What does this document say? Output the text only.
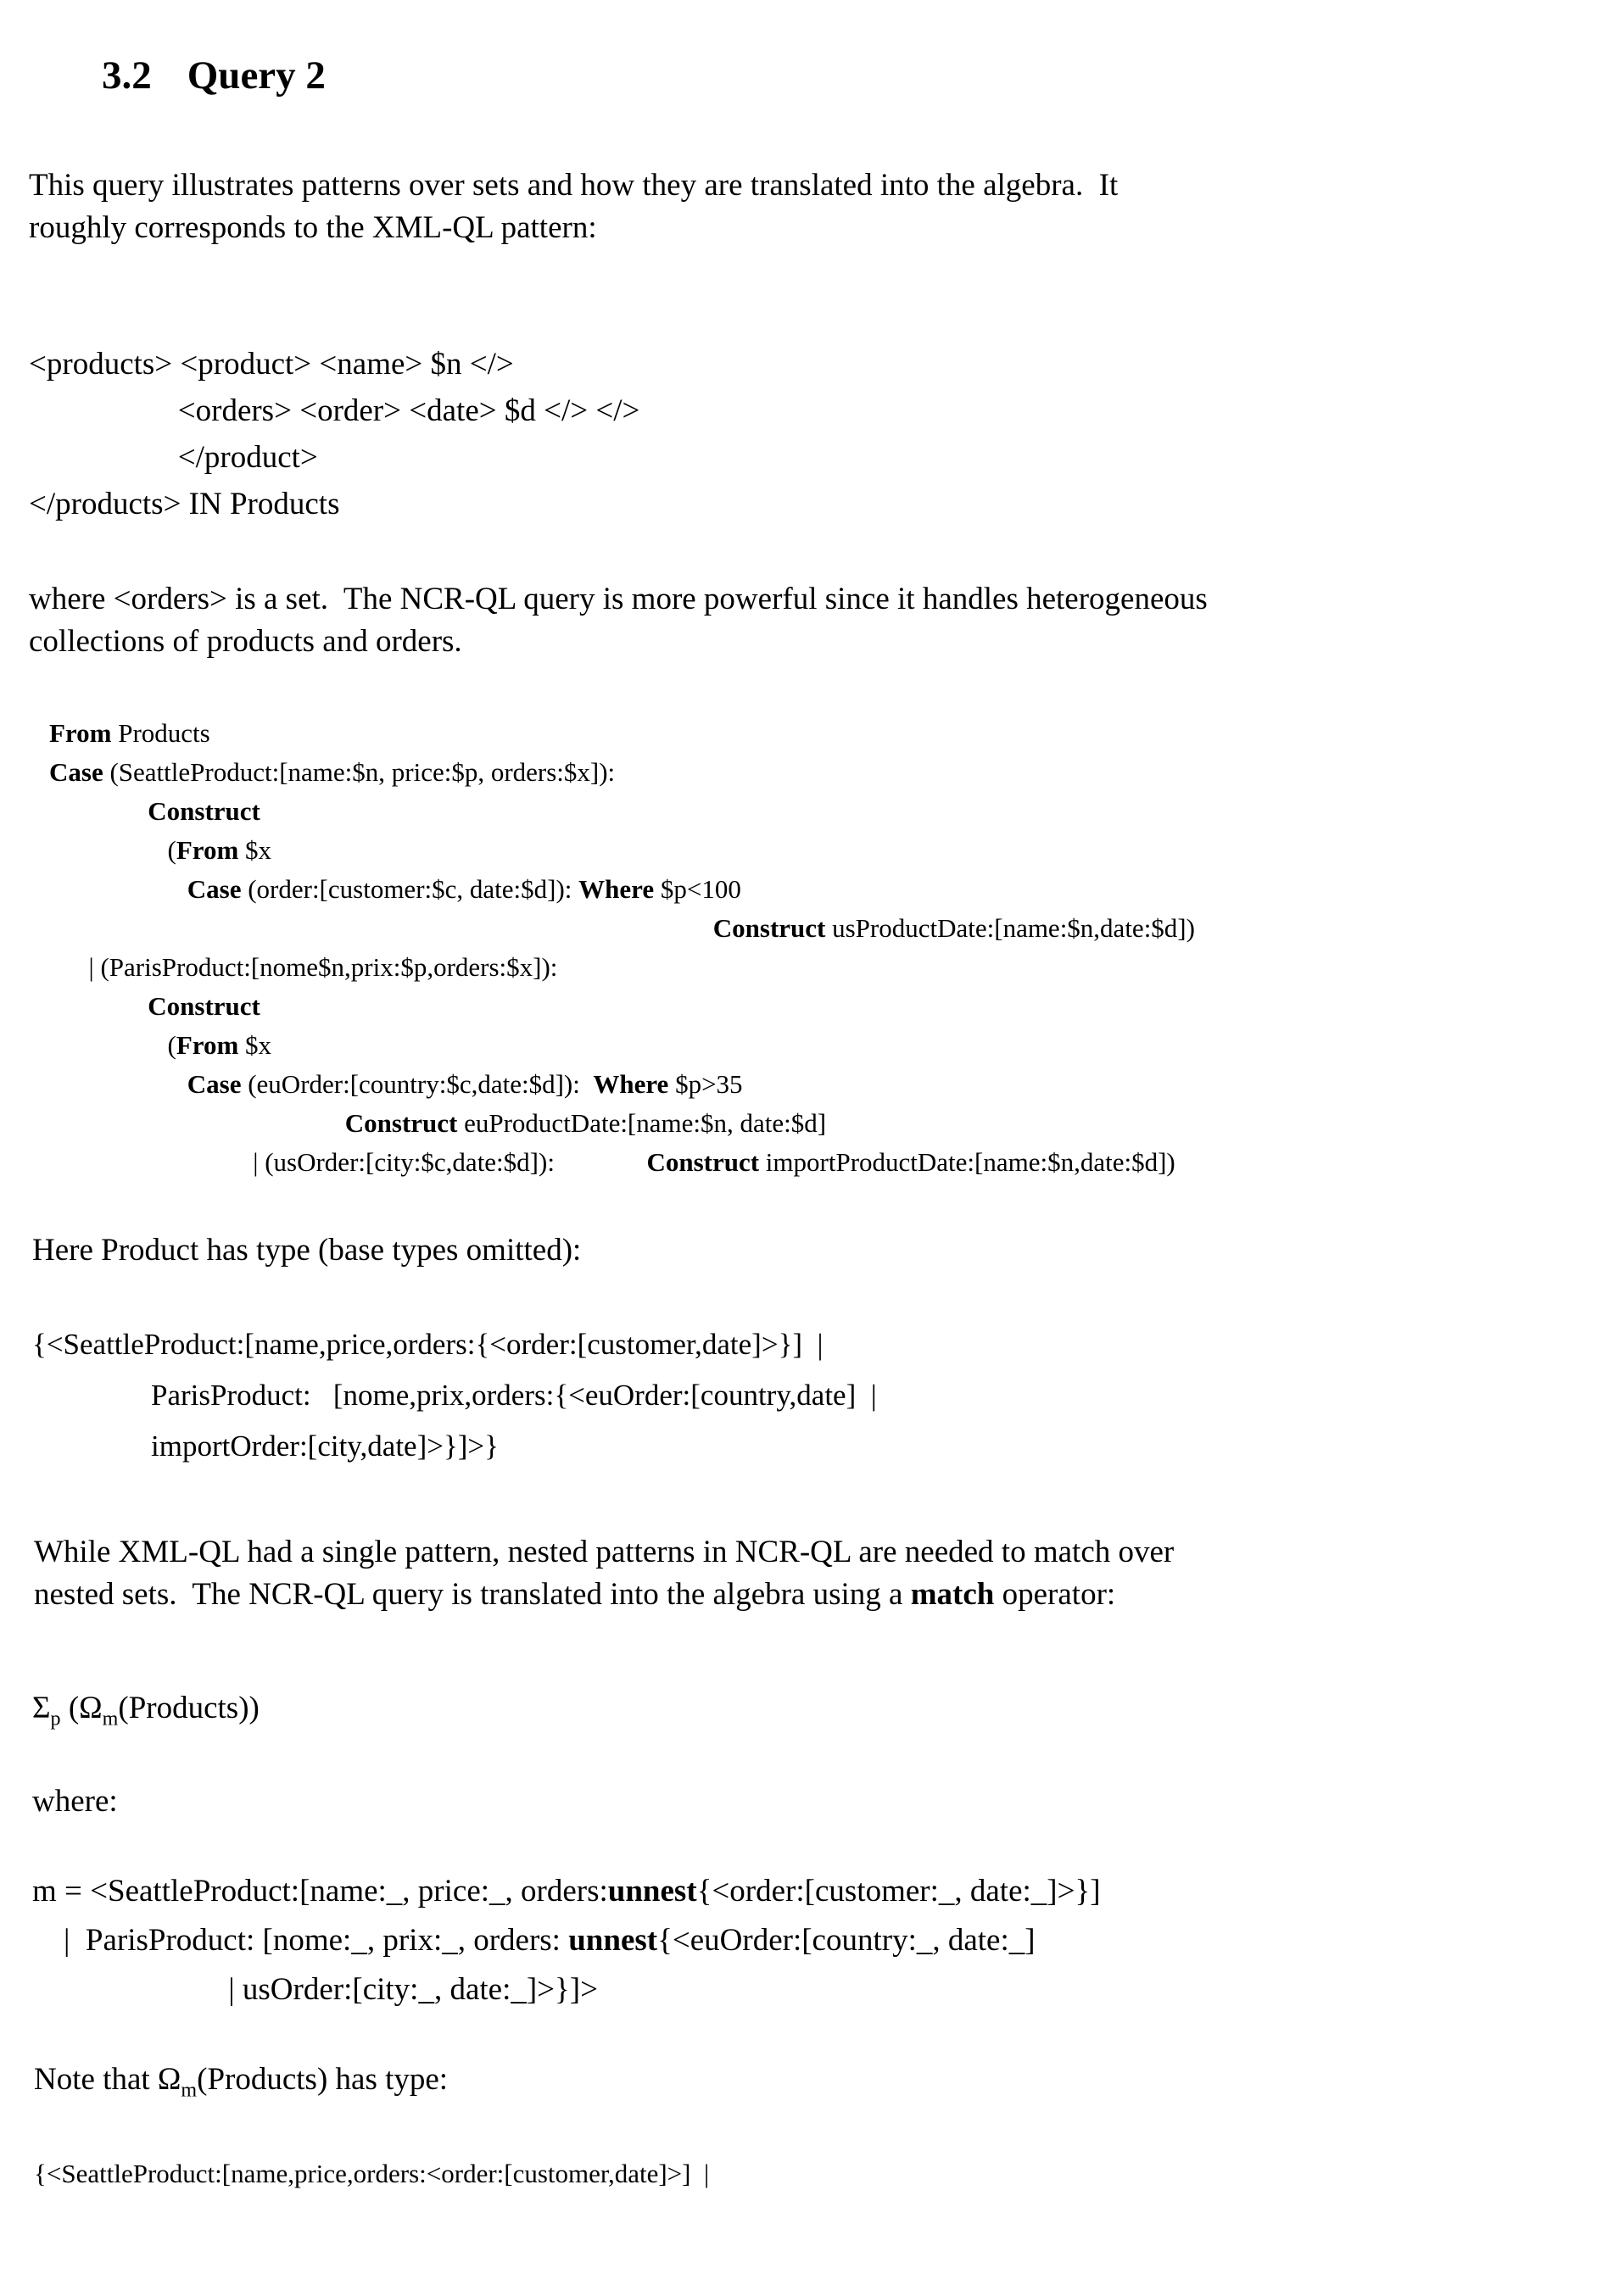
3.2 Query 2
This query illustrates patterns over sets and how they are translated into the algebra.  It
roughly corresponds to the XML-QL pattern:
<products> <product> <name> $n </>
<orders> <order> <date> $d </> </>
</product>
</products> IN Products
where <orders> is a set.  The NCR-QL query is more powerful since it handles heterogeneous
collections of products and orders.
From Products
Case (SeattleProduct:[name:$n, price:$p, orders:$x]):
Construct
(From $x
Case (order:[customer:$c, date:$d]): Where $p<100
Construct usProductDate:[name:$n,date:$d])
| (ParisProduct:[nome$n,prix:$p,orders:$x]):
Construct
(From $x
Case (euOrder:[country:$c,date:$d]):  Where $p>35
Construct euProductDate:[name:$n, date:$d]
| (usOrder:[city:$c,date:$d]):              Construct importProductDate:[name:$n,date:$d])
Here Product has type (base types omitted):
{<SeattleProduct:[name,price,orders:{<order:[customer,date]>}]  |
ParisProduct:   [nome,prix,orders:{<euOrder:[country,date]  |
importOrder:[city,date]>}]>}
While XML-QL had a single pattern, nested patterns in NCR-QL are needed to match over
nested sets.  The NCR-QL query is translated into the algebra using a match operator:
$\Sigma_p$ $(\Omega_m(Products))$
where:
m = <SeattleProduct:[name:_, price:_, orders:unnest{<order:[customer:_, date:_]>}]
|  ParisProduct: [nome:_, prix:_, orders: unnest{<euOrder:[country:_, date:_]
| usOrder:[city:_, date:_]>}]>
Note that $\Omega_m(Products)$ has type:
{<SeattleProduct:[name,price,orders:<order:[customer,date]>]  |
